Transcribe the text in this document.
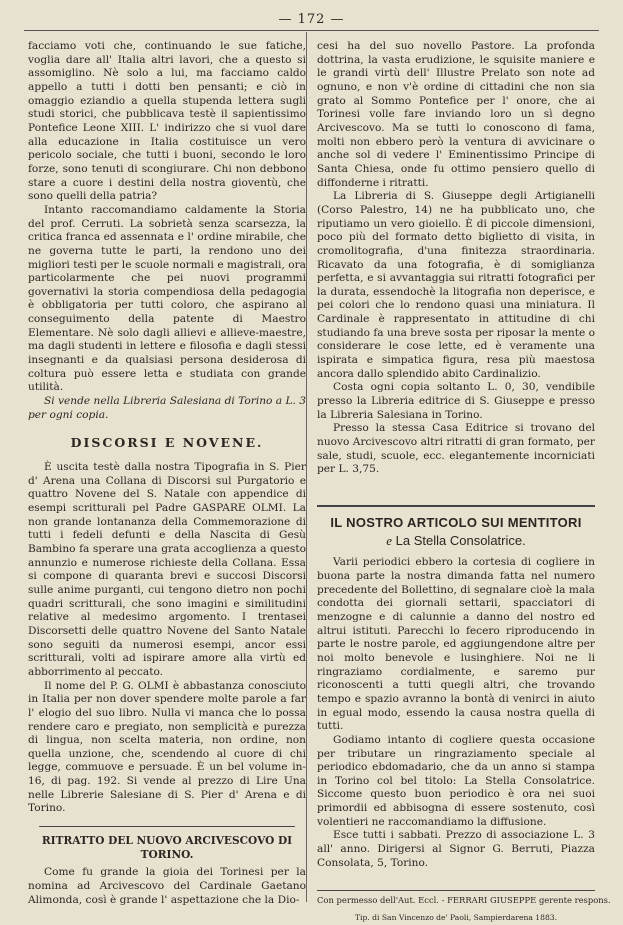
— 172 —

facciamo voti che, continuando le sue fatiche, voglia dare all' Italia altri lavori, che a questo si assomiglino. Nè solo a lui, ma facciamo caldo appello a tutti i dotti ben pensanti; e ciò in omaggio eziandio a quella stupenda lettera sugli studi storici, che pubblicava testè il sapientissimo Pontefice Leone XIII. L' indirizzo che si vuol dare alla educazione in Italia costituisce un vero pericolo sociale, che tutti i buoni, secondo le loro forze, sono tenuti di scongiurare. Chi non debbono stare a cuore i destini della nostra gioventù, che sono quelli della patria?

Intanto raccomandiamo caldamente la Storia del prof. Cerruti. La sobrietà senza scarsezza, la critica franca ed assennata e l' ordine mirabile, che ne governa tutte le parti, la rendono uno dei migliori testi per le scuole normali e magistrali, ora particolarmente che pei nuovi programmi governativi la storia compendiosa della pedagogia è obbligatoria per tutti coloro, che aspirano al conseguimento della patente di Maestro Elementare. Nè solo dagli allievi e allieve-maestre, ma dagli studenti in lettere e filosofia e dagli stessi insegnanti e da qualsiasi persona desiderosa di coltura può essere letta e studiata con grande utilità.

Si vende nella Libreria Salesiana di Torino a L. 3 per ogni copia.

DISCORSI E NOVENE.

È uscita testè dalla nostra Tipografia in S. Pier d' Arena una Collana di Discorsi sul Purgatorio e quattro Novene del S. Natale con appendice di esempi scritturali pel Padre GASPARE OLMI. La non grande lontananza della Commemorazione di tutti i fedeli defunti e della Nascita di Gesù Bambino fa sperare una grata accoglienza a questo annunzio e numerose richieste della Collana. Essa si compone di quaranta brevi e succosi Discorsi sulle anime purganti, cui tengono dietro non pochi quadri scritturali, che sono imagini e similitudini relative al medesimo argomento. I trentasei Discorsetti delle quattro Novene del Santo Natale sono seguiti da numerosi esempi, ancor essi scritturali, volti ad ispirare amore alla virtù ed abborrimento al peccato.

Il nome del P. G. OLMI è abbastanza conosciuto in Italia per non dover spendere molte parole a far l' elogio del suo libro. Nulla vi manca che lo possa rendere caro e pregiato, non semplicità e purezza di lingua, non scelta materia, non ordine, non quella unzione, che, scendendo al cuore di chi legge, commuove e persuade. È un bel volume in-16, di pag. 192. Si vende al prezzo di Lire Una nelle Librerie Salesiane di S. Pier d' Arena e di Torino.

RITRATTO DEL NUOVO ARCIVESCOVO DI TORINO.

Come fu grande la gioia dei Torinesi per la nomina ad Arcivescovo del Cardinale Gaetano Alimonda, così è grande l' aspettazione che la Dio-

cesi ha del suo novello Pastore. La profonda dottrina, la vasta erudizione, le squisite maniere e le grandi virtù dell' Illustre Prelato son note ad ognuno, e non v'è ordine di cittadini che non sia grato al Sommo Pontefice per l' onore, che ai Torinesi volle fare inviando loro un sì degno Arcivescovo. Ma se tutti lo conoscono di fama, molti non ebbero però la ventura di avvicinare o anche sol di vedere l' Eminentissimo Principe di Santa Chiesa, onde fu ottimo pensiero quello di diffonderne i ritratti.

La Libreria di S. Giuseppe degli Artigianelli (Corso Palestro, 14) ne ha pubblicato uno, che riputiamo un vero gioiello. È di piccole dimensioni, poco più del formato detto biglietto di visita, in cromolitografia, d'una finitezza straordinaria. Ricavato da una fotografia, è di somiglianza perfetta, e si avvantaggia sui ritratti fotografici per la durata, essendochè la litografia non deperisce, e pei colori che lo rendono quasi una miniatura. Il Cardinale è rappresentato in attitudine di chi studiando fa una breve sosta per riposar la mente o considerare le cose lette, ed è veramente una ispirata e simpatica figura, resa più maestosa ancora dallo splendido abito Cardinalizio.

Costa ogni copia soltanto L. 0, 30, vendibile presso la Libreria editrice di S. Giuseppe e presso la Libreria Salesiana in Torino.

Presso la stessa Casa Editrice si trovano del nuovo Arcivescovo altri ritratti di gran formato, per sale, studi, scuole, ecc. elegantemente incorniciati per L. 3,75.

IL NOSTRO ARTICOLO SUI MENTITORI
e La Stella Consolatrice.

Varii periodici ebbero la cortesia di cogliere in buona parte la nostra dimanda fatta nel numero precedente del Bollettino, di segnalare cioè la mala condotta dei giornali settarii, spacciatori di menzogne e di calunnie a danno del nostro ed altrui istituti. Parecchi lo fecero riproducendo in parte le nostre parole, ed aggiungendone altre per noi molto benevole e lusinghiere. Noi ne li ringraziamo cordialmente, e saremo pur riconoscenti a tutti quegli altri, che trovando tempo e spazio avranno la bontà di venirci in aiuto in egual modo, essendo la causa nostra quella di tutti.

Godiamo intanto di cogliere questa occasione per tributare un ringraziamento speciale al periodico ebdomadario, che da un anno si stampa in Torino col bel titolo: La Stella Consolatrice. Siccome questo buon periodico è ora nei suoi primordii ed abbisogna di essere sostenuto, così volentieri ne raccomandiamo la diffusione.

Esce tutti i sabbati. Prezzo di associazione L. 3 all' anno. Dirigersi al Signor G. Berruti, Piazza Consolata, 5, Torino.

Con permesso dell'Aut. Eccl. - FERRARI GIUSEPPE gerente respons.
Tip. di San Vincenzo de' Paoli, Sampierdarena 1883.
